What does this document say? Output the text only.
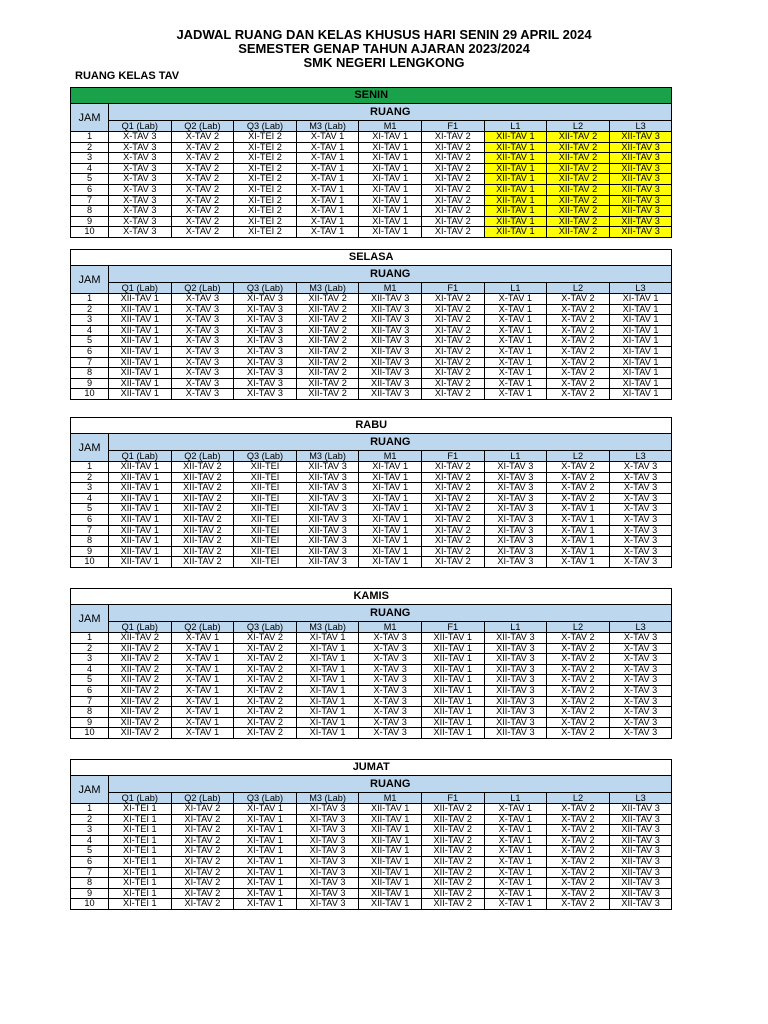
JADWAL RUANG DAN KELAS KHUSUS HARI SENIN 29 APRIL 2024
SEMESTER GENAP TAHUN AJARAN 2023/2024
SMK NEGERI LENGKONG
RUANG KELAS TAV
SENIN									
JAM	RUANG								
	Q1 (Lab)	Q2 (Lab)	Q3 (Lab)	M3 (Lab)	M1	F1	L1	L2	L3
1	X-TAV 3	X-TAV 2	XI-TEI 2	X-TAV 1	XI-TAV 1	XI-TAV 2	XII-TAV 1	XII-TAV 2	XII-TAV 3
2	X-TAV 3	X-TAV 2	XI-TEI 2	X-TAV 1	XI-TAV 1	XI-TAV 2	XII-TAV 1	XII-TAV 2	XII-TAV 3
3	X-TAV 3	X-TAV 2	XI-TEI 2	X-TAV 1	XI-TAV 1	XI-TAV 2	XII-TAV 1	XII-TAV 2	XII-TAV 3
4	X-TAV 3	X-TAV 2	XI-TEI 2	X-TAV 1	XI-TAV 1	XI-TAV 2	XII-TAV 1	XII-TAV 2	XII-TAV 3
5	X-TAV 3	X-TAV 2	XI-TEI 2	X-TAV 1	XI-TAV 1	XI-TAV 2	XII-TAV 1	XII-TAV 2	XII-TAV 3
6	X-TAV 3	X-TAV 2	XI-TEI 2	X-TAV 1	XI-TAV 1	XI-TAV 2	XII-TAV 1	XII-TAV 2	XII-TAV 3
7	X-TAV 3	X-TAV 2	XI-TEI 2	X-TAV 1	XI-TAV 1	XI-TAV 2	XII-TAV 1	XII-TAV 2	XII-TAV 3
8	X-TAV 3	X-TAV 2	XI-TEI 2	X-TAV 1	XI-TAV 1	XI-TAV 2	XII-TAV 1	XII-TAV 2	XII-TAV 3
9	X-TAV 3	X-TAV 2	XI-TEI 2	X-TAV 1	XI-TAV 1	XI-TAV 2	XII-TAV 1	XII-TAV 2	XII-TAV 3
10	X-TAV 3	X-TAV 2	XI-TEI 2	X-TAV 1	XI-TAV 1	XI-TAV 2	XII-TAV 1	XII-TAV 2	XII-TAV 3
SELASA									
JAM	RUANG								
	Q1 (Lab)	Q2 (Lab)	Q3 (Lab)	M3 (Lab)	M1	F1	L1	L2	L3
1	XII-TAV 1	X-TAV 3	XI-TAV 3	XII-TAV 2	XII-TAV 3	XI-TAV 2	X-TAV 1	X-TAV 2	XI-TAV 1
2	XII-TAV 1	X-TAV 3	XI-TAV 3	XII-TAV 2	XII-TAV 3	XI-TAV 2	X-TAV 1	X-TAV 2	XI-TAV 1
3	XII-TAV 1	X-TAV 3	XI-TAV 3	XII-TAV 2	XII-TAV 3	XI-TAV 2	X-TAV 1	X-TAV 2	XI-TAV 1
4	XII-TAV 1	X-TAV 3	XI-TAV 3	XII-TAV 2	XII-TAV 3	XI-TAV 2	X-TAV 1	X-TAV 2	XI-TAV 1
5	XII-TAV 1	X-TAV 3	XI-TAV 3	XII-TAV 2	XII-TAV 3	XI-TAV 2	X-TAV 1	X-TAV 2	XI-TAV 1
6	XII-TAV 1	X-TAV 3	XI-TAV 3	XII-TAV 2	XII-TAV 3	XI-TAV 2	X-TAV 1	X-TAV 2	XI-TAV 1
7	XII-TAV 1	X-TAV 3	XI-TAV 3	XII-TAV 2	XII-TAV 3	XI-TAV 2	X-TAV 1	X-TAV 2	XI-TAV 1
8	XII-TAV 1	X-TAV 3	XI-TAV 3	XII-TAV 2	XII-TAV 3	XI-TAV 2	X-TAV 1	X-TAV 2	XI-TAV 1
9	XII-TAV 1	X-TAV 3	XI-TAV 3	XII-TAV 2	XII-TAV 3	XI-TAV 2	X-TAV 1	X-TAV 2	XI-TAV 1
10	XII-TAV 1	X-TAV 3	XI-TAV 3	XII-TAV 2	XII-TAV 3	XI-TAV 2	X-TAV 1	X-TAV 2	XI-TAV 1
RABU									
JAM	RUANG								
	Q1 (Lab)	Q2 (Lab)	Q3 (Lab)	M3 (Lab)	M1	F1	L1	L2	L3
1	XII-TAV 1	XII-TAV 2	XII-TEI	XII-TAV 3	XI-TAV 1	XI-TAV 2	XI-TAV 3	X-TAV 2	X-TAV 3
2	XII-TAV 1	XII-TAV 2	XII-TEI	XII-TAV 3	XI-TAV 1	XI-TAV 2	XI-TAV 3	X-TAV 2	X-TAV 3
3	XII-TAV 1	XII-TAV 2	XII-TEI	XII-TAV 3	XI-TAV 1	XI-TAV 2	XI-TAV 3	X-TAV 2	X-TAV 3
4	XII-TAV 1	XII-TAV 2	XII-TEI	XII-TAV 3	XI-TAV 1	XI-TAV 2	XI-TAV 3	X-TAV 2	X-TAV 3
5	XII-TAV 1	XII-TAV 2	XII-TEI	XII-TAV 3	XI-TAV 1	XI-TAV 2	XI-TAV 3	X-TAV 1	X-TAV 3
6	XII-TAV 1	XII-TAV 2	XII-TEI	XII-TAV 3	XI-TAV 1	XI-TAV 2	XI-TAV 3	X-TAV 1	X-TAV 3
7	XII-TAV 1	XII-TAV 2	XII-TEI	XII-TAV 3	XI-TAV 1	XI-TAV 2	XI-TAV 3	X-TAV 1	X-TAV 3
8	XII-TAV 1	XII-TAV 2	XII-TEI	XII-TAV 3	XI-TAV 1	XI-TAV 2	XI-TAV 3	X-TAV 1	X-TAV 3
9	XII-TAV 1	XII-TAV 2	XII-TEI	XII-TAV 3	XI-TAV 1	XI-TAV 2	XI-TAV 3	X-TAV 1	X-TAV 3
10	XII-TAV 1	XII-TAV 2	XII-TEI	XII-TAV 3	XI-TAV 1	XI-TAV 2	XI-TAV 3	X-TAV 1	X-TAV 3
KAMIS									
JAM	RUANG								
	Q1 (Lab)	Q2 (Lab)	Q3 (Lab)	M3 (Lab)	M1	F1	L1	L2	L3
1	XII-TAV 2	X-TAV 1	XI-TAV 2	XI-TAV 1	X-TAV 3	XII-TAV 1	XII-TAV 3	X-TAV 2	X-TAV 3
2	XII-TAV 2	X-TAV 1	XI-TAV 2	XI-TAV 1	X-TAV 3	XII-TAV 1	XII-TAV 3	X-TAV 2	X-TAV 3
3	XII-TAV 2	X-TAV 1	XI-TAV 2	XI-TAV 1	X-TAV 3	XII-TAV 1	XII-TAV 3	X-TAV 2	X-TAV 3
4	XII-TAV 2	X-TAV 1	XI-TAV 2	XI-TAV 1	X-TAV 3	XII-TAV 1	XII-TAV 3	X-TAV 2	X-TAV 3
5	XII-TAV 2	X-TAV 1	XI-TAV 2	XI-TAV 1	X-TAV 3	XII-TAV 1	XII-TAV 3	X-TAV 2	X-TAV 3
6	XII-TAV 2	X-TAV 1	XI-TAV 2	XI-TAV 1	X-TAV 3	XII-TAV 1	XII-TAV 3	X-TAV 2	X-TAV 3
7	XII-TAV 2	X-TAV 1	XI-TAV 2	XI-TAV 1	X-TAV 3	XII-TAV 1	XII-TAV 3	X-TAV 2	X-TAV 3
8	XII-TAV 2	X-TAV 1	XI-TAV 2	XI-TAV 1	X-TAV 3	XII-TAV 1	XII-TAV 3	X-TAV 2	X-TAV 3
9	XII-TAV 2	X-TAV 1	XI-TAV 2	XI-TAV 1	X-TAV 3	XII-TAV 1	XII-TAV 3	X-TAV 2	X-TAV 3
10	XII-TAV 2	X-TAV 1	XI-TAV 2	XI-TAV 1	X-TAV 3	XII-TAV 1	XII-TAV 3	X-TAV 2	X-TAV 3
JUMAT									
JAM	RUANG								
	Q1 (Lab)	Q2 (Lab)	Q3 (Lab)	M3 (Lab)	M1	F1	L1	L2	L3
1	XI-TEI 1	XI-TAV 2	XI-TAV 1	XI-TAV 3	XII-TAV 1	XII-TAV 2	X-TAV 1	X-TAV 2	XII-TAV 3
2	XI-TEI 1	XI-TAV 2	XI-TAV 1	XI-TAV 3	XII-TAV 1	XII-TAV 2	X-TAV 1	X-TAV 2	XII-TAV 3
3	XI-TEI 1	XI-TAV 2	XI-TAV 1	XI-TAV 3	XII-TAV 1	XII-TAV 2	X-TAV 1	X-TAV 2	XII-TAV 3
4	XI-TEI 1	XI-TAV 2	XI-TAV 1	XI-TAV 3	XII-TAV 1	XII-TAV 2	X-TAV 1	X-TAV 2	XII-TAV 3
5	XI-TEI 1	XI-TAV 2	XI-TAV 1	XI-TAV 3	XII-TAV 1	XII-TAV 2	X-TAV 1	X-TAV 2	XII-TAV 3
6	XI-TEI 1	XI-TAV 2	XI-TAV 1	XI-TAV 3	XII-TAV 1	XII-TAV 2	X-TAV 1	X-TAV 2	XII-TAV 3
7	XI-TEI 1	XI-TAV 2	XI-TAV 1	XI-TAV 3	XII-TAV 1	XII-TAV 2	X-TAV 1	X-TAV 2	XII-TAV 3
8	XI-TEI 1	XI-TAV 2	XI-TAV 1	XI-TAV 3	XII-TAV 1	XII-TAV 2	X-TAV 1	X-TAV 2	XII-TAV 3
9	XI-TEI 1	XI-TAV 2	XI-TAV 1	XI-TAV 3	XII-TAV 1	XII-TAV 2	X-TAV 1	X-TAV 2	XII-TAV 3
10	XI-TEI 1	XI-TAV 2	XI-TAV 1	XI-TAV 3	XII-TAV 1	XII-TAV 2	X-TAV 1	X-TAV 2	XII-TAV 3
